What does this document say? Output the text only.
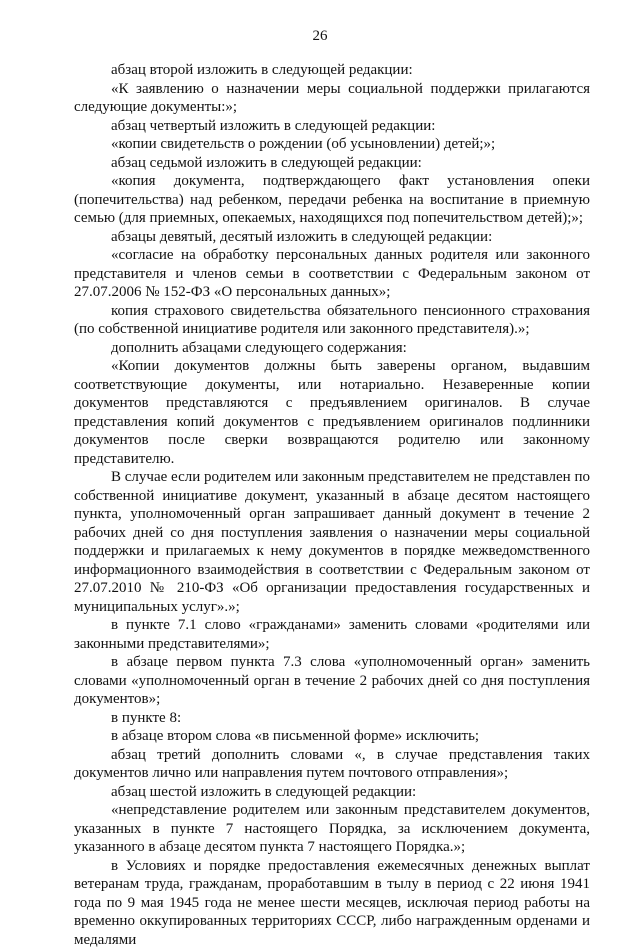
26

абзац второй изложить в следующей редакции:

«К заявлению о назначении меры социальной поддержки прилагаются следующие документы:»;

абзац четвертый изложить в следующей редакции:

«копии свидетельств о рождении (об усыновлении) детей;»;

абзац седьмой изложить в следующей редакции:

«копия документа, подтверждающего факт установления опеки (попечительства) над ребенком, передачи ребенка на воспитание в приемную семью (для приемных, опекаемых, находящихся под попечительством детей);»;

абзацы девятый, десятый изложить в следующей редакции:

«согласие на обработку персональных данных родителя или законного представителя и членов семьи в соответствии с Федеральным законом от 27.07.2006 № 152-ФЗ «О персональных данных»;

копия страхового свидетельства обязательного пенсионного страхования (по собственной инициативе родителя или законного представителя).»;

дополнить абзацами следующего содержания:

«Копии документов должны быть заверены органом, выдавшим соответствующие документы, или нотариально. Незаверенные копии документов представляются с предъявлением оригиналов. В случае представления копий документов с предъявлением оригиналов подлинники документов после сверки возвращаются родителю или законному представителю.

В случае если родителем или законным представителем не представлен по собственной инициативе документ, указанный в абзаце десятом настоящего пункта, уполномоченный орган запрашивает данный документ в течение 2 рабочих дней со дня поступления заявления о назначении меры социальной поддержки и прилагаемых к нему документов в порядке межведомственного информационного взаимодействия в соответствии с Федеральным законом от 27.07.2010 № 210-ФЗ «Об организации предоставления государственных и муниципальных услуг».»;

в пункте 7.1 слово «гражданами» заменить словами «родителями или законными представителями»;

в абзаце первом пункта 7.3 слова «уполномоченный орган» заменить словами «уполномоченный орган в течение 2 рабочих дней со дня поступления документов»;

в пункте 8:

в абзаце втором слова «в письменной форме» исключить;

абзац третий дополнить словами «, в случае представления таких документов лично или направления путем почтового отправления»;

абзац шестой изложить в следующей редакции:

«непредставление родителем или законным представителем документов, указанных в пункте 7 настоящего Порядка, за исключением документа, указанного в абзаце десятом пункта 7 настоящего Порядка.»;

в Условиях и порядке предоставления ежемесячных денежных выплат ветеранам труда, гражданам, проработавшим в тылу в период с 22 июня 1941 года по 9 мая 1945 года не менее шести месяцев, исключая период работы на временно оккупированных территориях СССР, либо награжденным орденами и медалями
